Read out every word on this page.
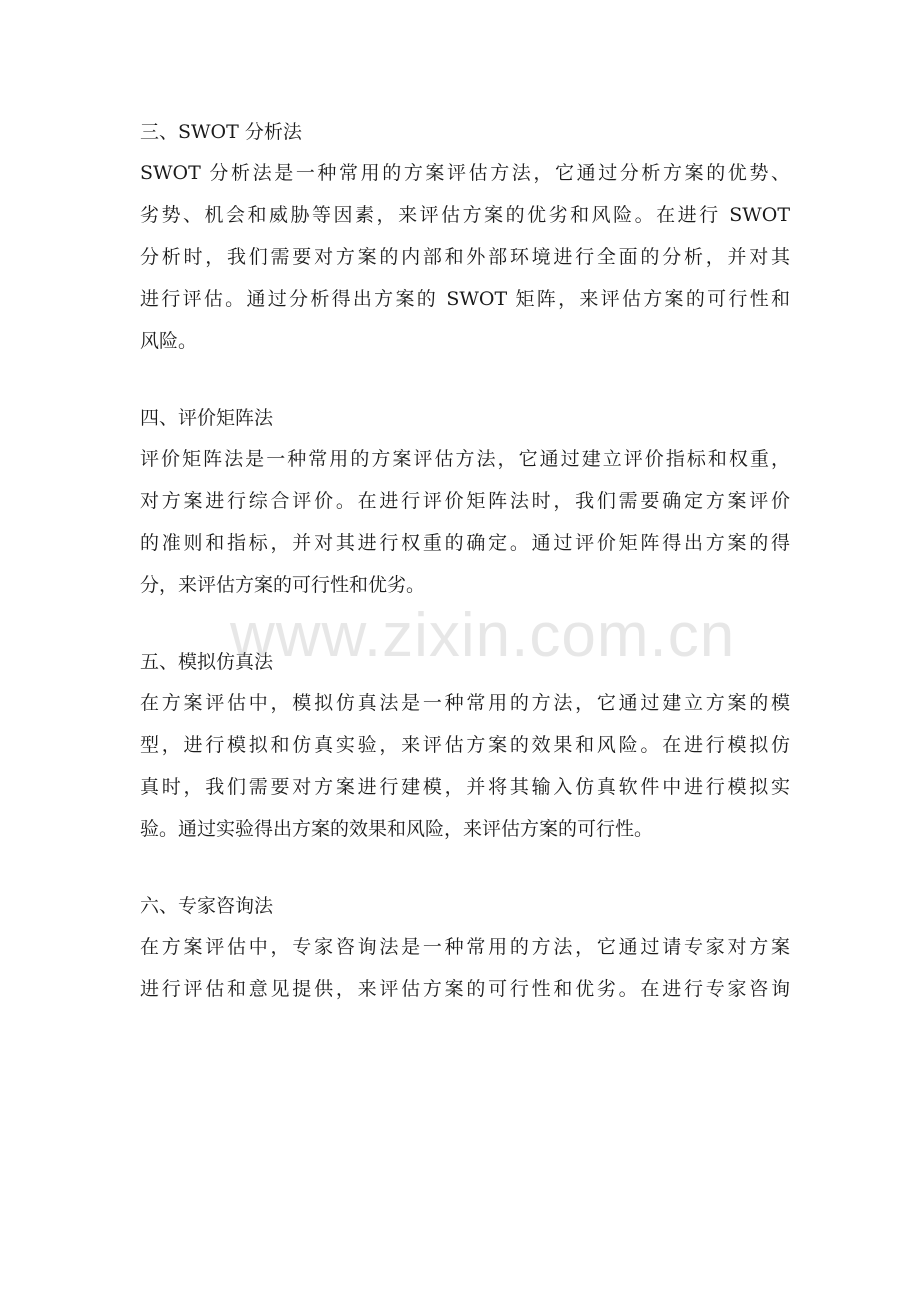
三、SWOT 分析法

SWOT 分析法是一种常用的方案评估方法，它通过分析方案的优势、
劣势、机会和威胁等因素，来评估方案的优劣和风险。在进行 SWOT
分析时，我们需要对方案的内部和外部环境进行全面的分析，并对其
进行评估。通过分析得出方案的 SWOT 矩阵，来评估方案的可行性和
风险。

四、评价矩阵法

评价矩阵法是一种常用的方案评估方法，它通过建立评价指标和权重，
对方案进行综合评价。在进行评价矩阵法时，我们需要确定方案评价
的准则和指标，并对其进行权重的确定。通过评价矩阵得出方案的得
分，来评估方案的可行性和优劣。

五、模拟仿真法

在方案评估中，模拟仿真法是一种常用的方法，它通过建立方案的模
型，进行模拟和仿真实验，来评估方案的效果和风险。在进行模拟仿
真时，我们需要对方案进行建模，并将其输入仿真软件中进行模拟实
验。通过实验得出方案的效果和风险，来评估方案的可行性。

六、专家咨询法

在方案评估中，专家咨询法是一种常用的方法，它通过请专家对方案
进行评估和意见提供，来评估方案的可行性和优劣。在进行专家咨询

www.zixin.com.cn
